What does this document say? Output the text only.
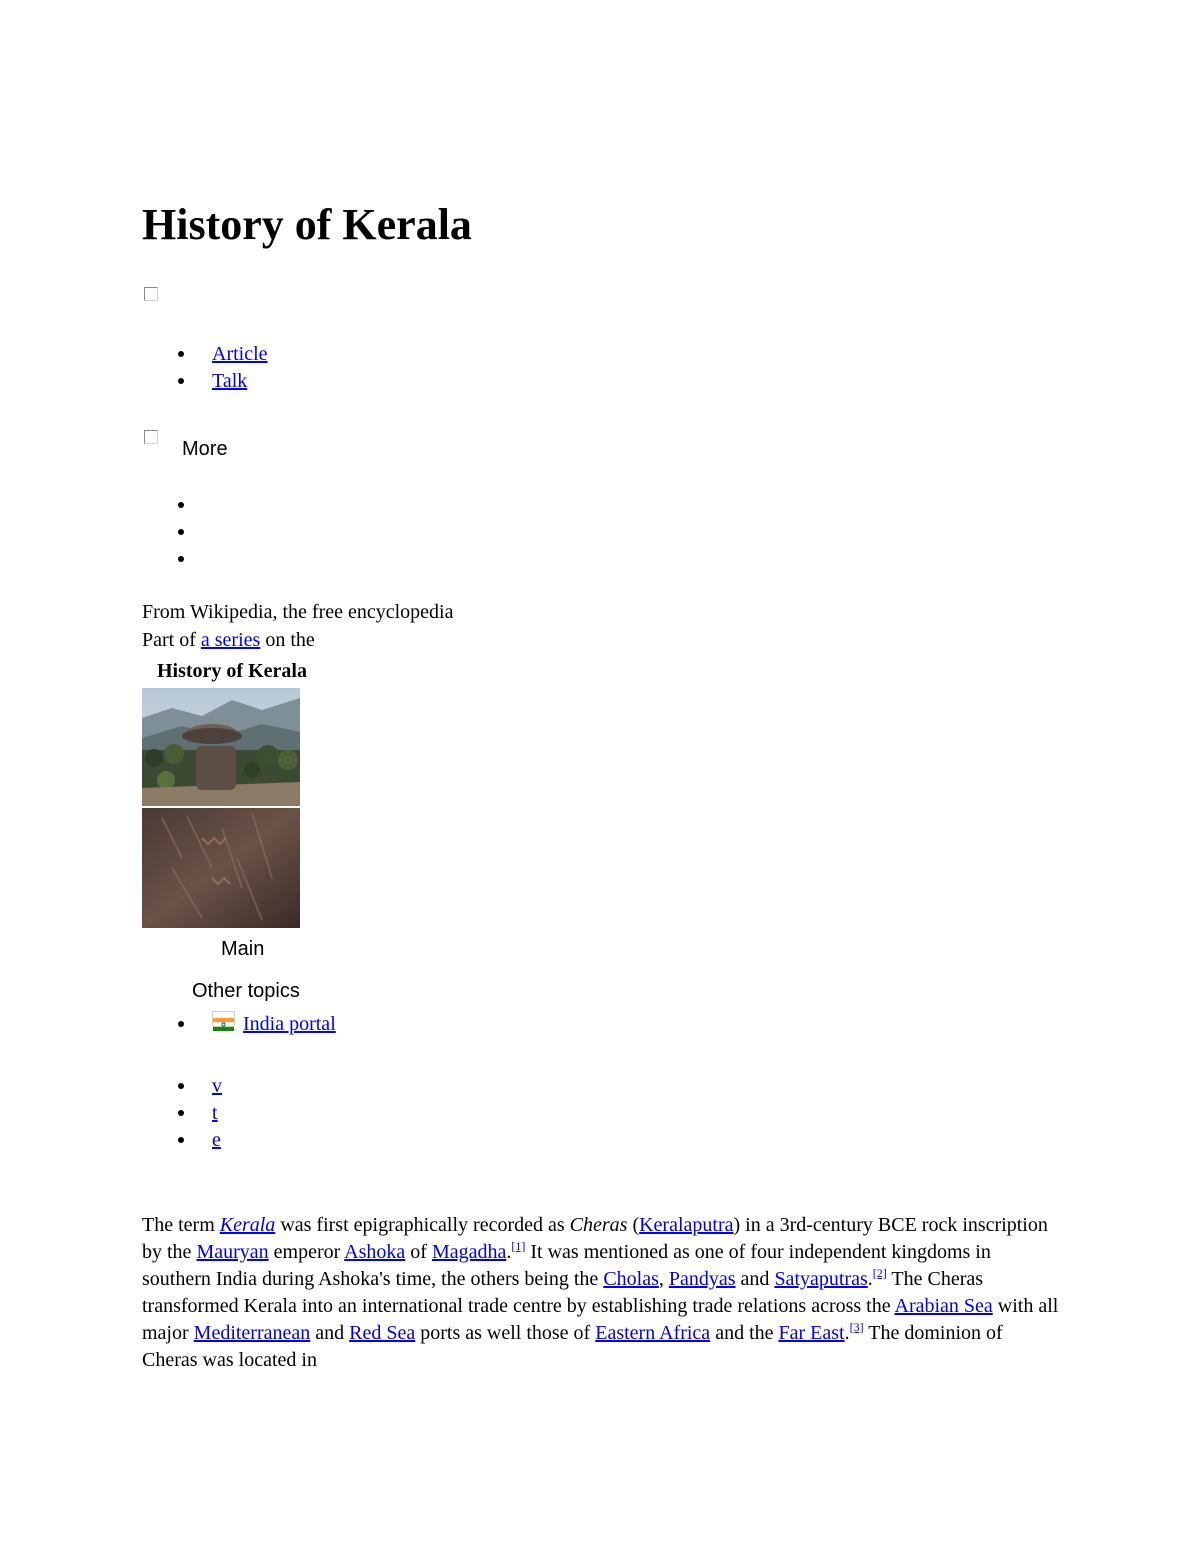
History of Kerala
Article
Talk
More
From Wikipedia, the free encyclopedia
Part of a series on the
History of Kerala
Main
Other topics
India portal
v
t
e

The term Kerala was first epigraphically recorded as Cheras (Keralaputra) in a 3rd-century BCE rock inscription by the Mauryan emperor Ashoka of Magadha.[1] It was mentioned as one of four independent kingdoms in southern India during Ashoka's time, the others being the Cholas, Pandyas and Satyaputras.[2] The Cheras transformed Kerala into an international trade centre by establishing trade relations across the Arabian Sea with all major Mediterranean and Red Sea ports as well those of Eastern Africa and the Far East.[3] The dominion of Cheras was located in
